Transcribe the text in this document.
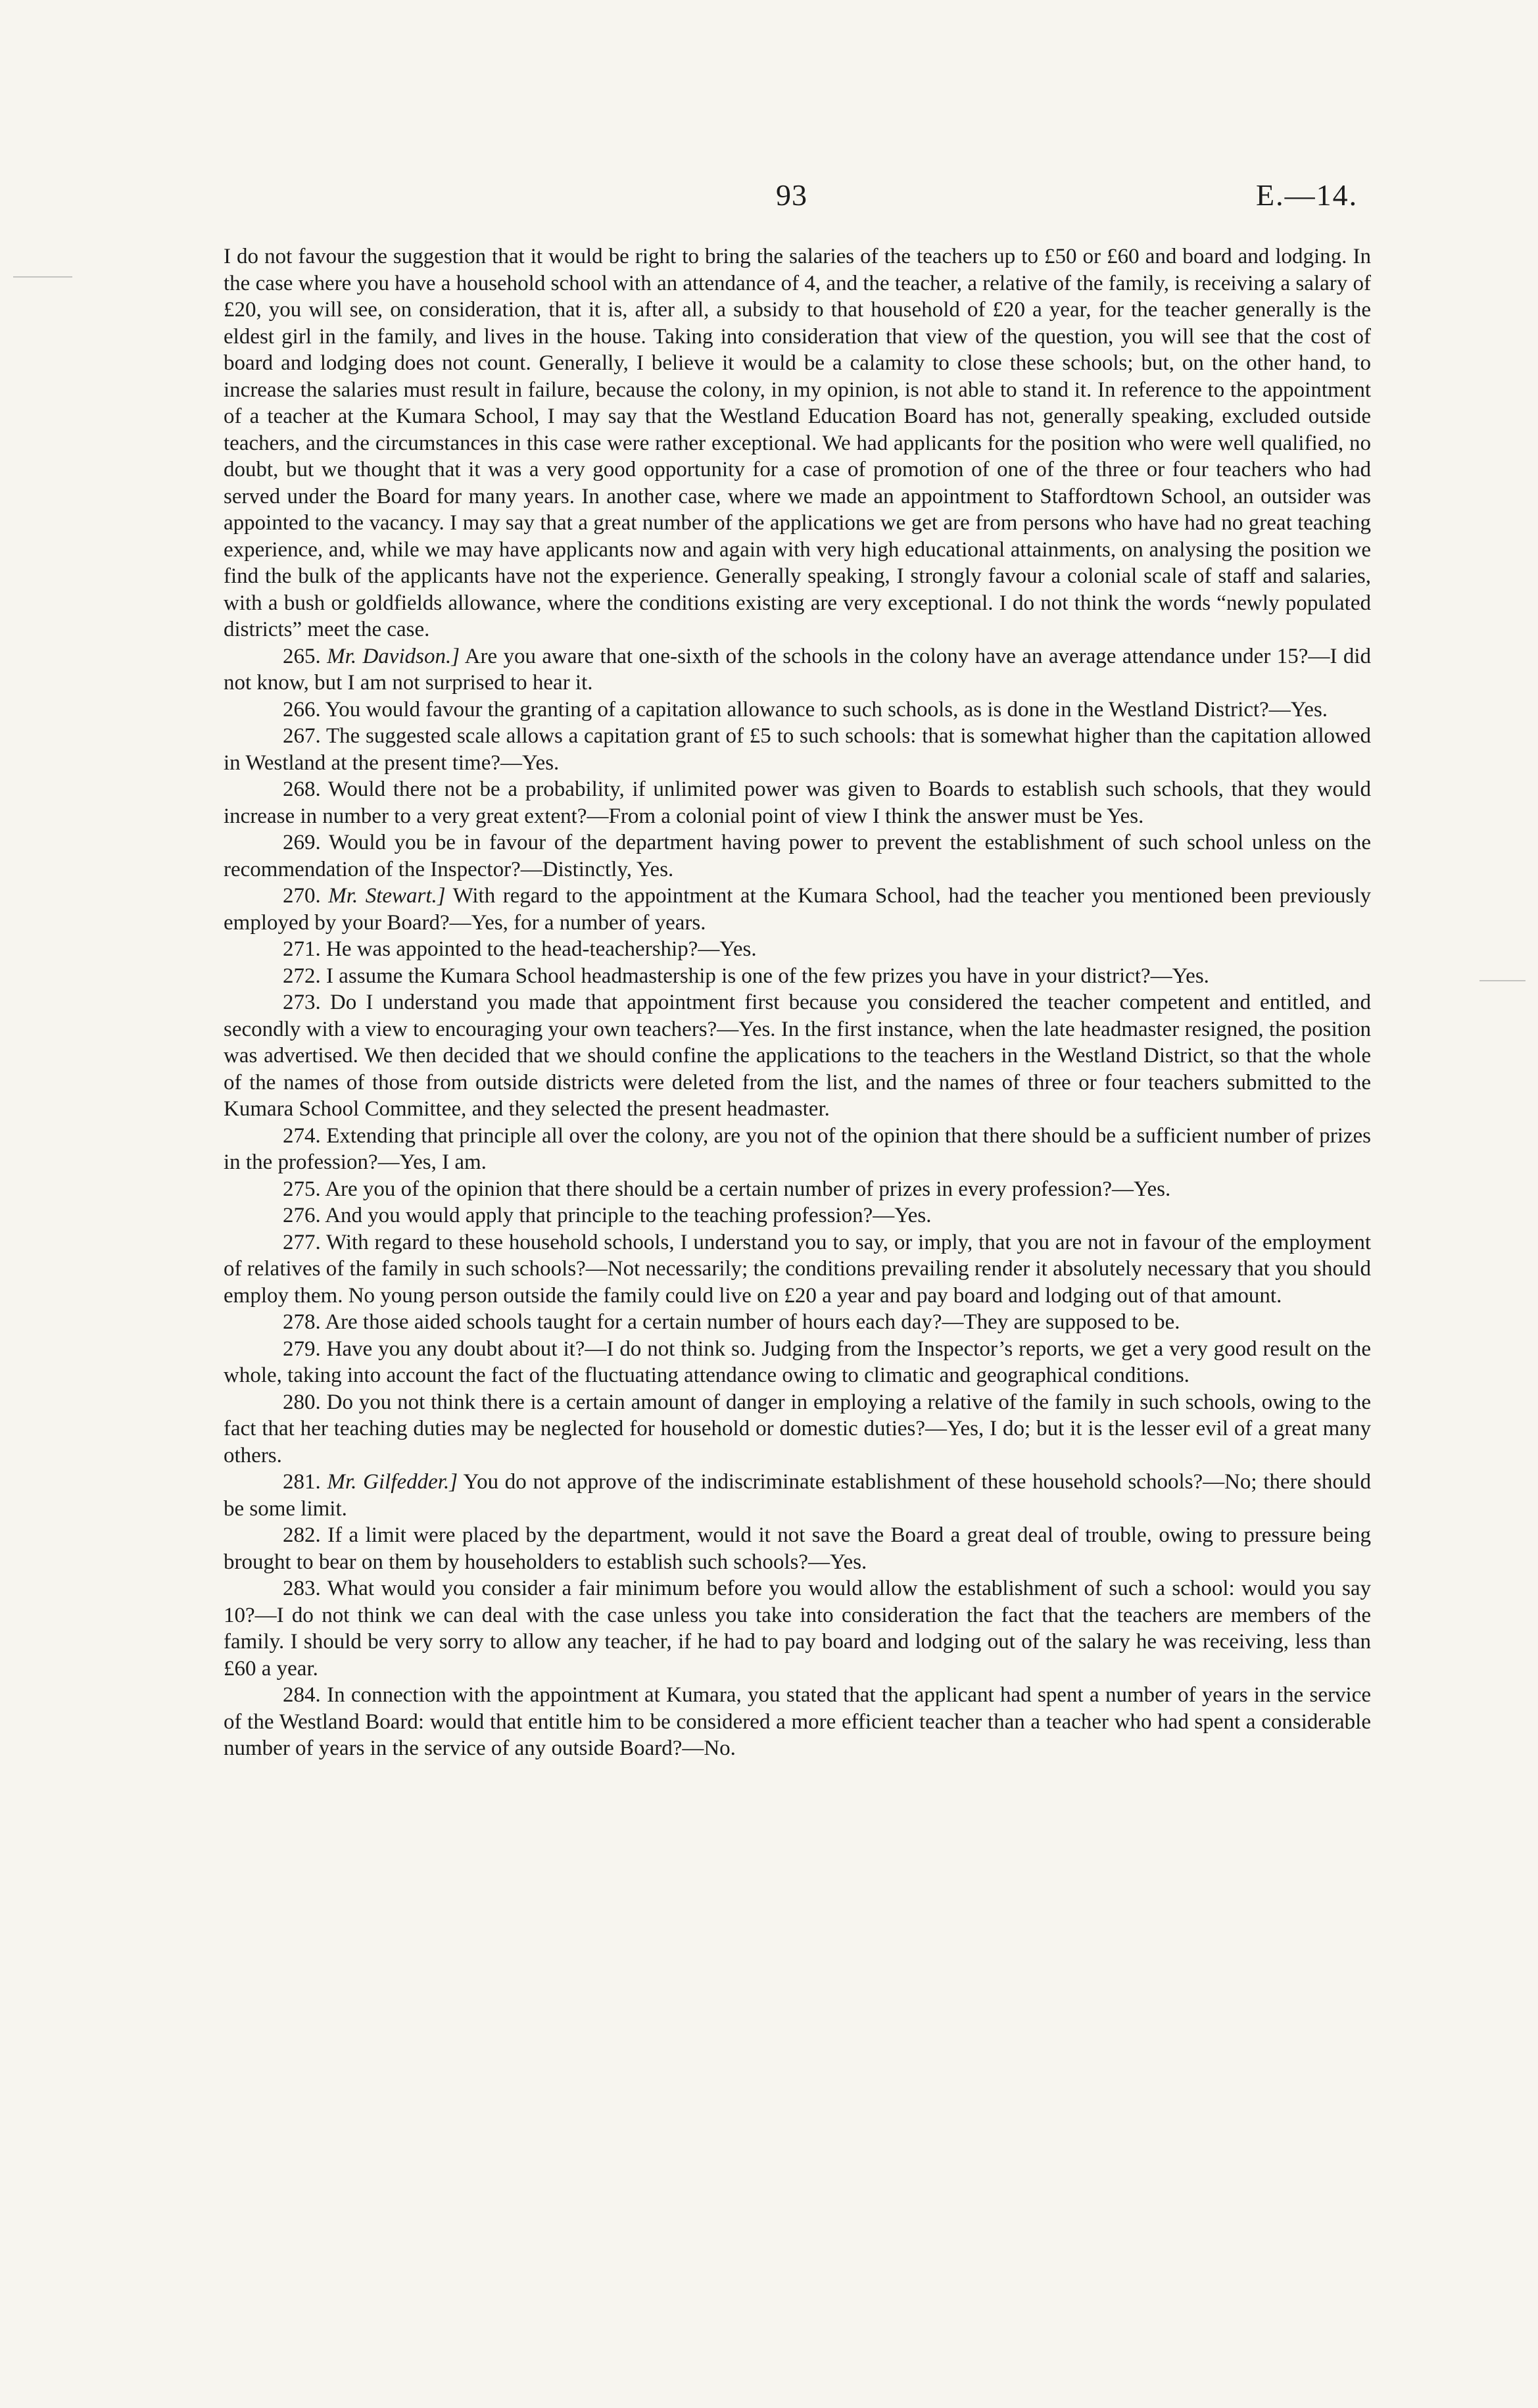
93	E.—14.

I do not favour the suggestion that it would be right to bring the salaries of the teachers up to £50 or £60 and board and lodging. In the case where you have a household school with an attendance of 4, and the teacher, a relative of the family, is receiving a salary of £20, you will see, on consideration, that it is, after all, a subsidy to that household of £20 a year, for the teacher generally is the eldest girl in the family, and lives in the house. Taking into consideration that view of the question, you will see that the cost of board and lodging does not count. Generally, I believe it would be a calamity to close these schools; but, on the other hand, to increase the salaries must result in failure, because the colony, in my opinion, is not able to stand it. In reference to the appointment of a teacher at the Kumara School, I may say that the Westland Education Board has not, generally speaking, excluded outside teachers, and the circumstances in this case were rather exceptional. We had applicants for the position who were well qualified, no doubt, but we thought that it was a very good opportunity for a case of promotion of one of the three or four teachers who had served under the Board for many years. In another case, where we made an appointment to Staffordtown School, an outsider was appointed to the vacancy. I may say that a great number of the applications we get are from persons who have had no great teaching experience, and, while we may have applicants now and again with very high educational attainments, on analysing the position we find the bulk of the applicants have not the experience. Generally speaking, I strongly favour a colonial scale of staff and salaries, with a bush or goldfields allowance, where the conditions existing are very exceptional. I do not think the words “newly populated districts” meet the case.

265. Mr. Davidson.] Are you aware that one-sixth of the schools in the colony have an average attendance under 15?—I did not know, but I am not surprised to hear it.

266. You would favour the granting of a capitation allowance to such schools, as is done in the Westland District?—Yes.

267. The suggested scale allows a capitation grant of £5 to such schools: that is somewhat higher than the capitation allowed in Westland at the present time?—Yes.

268. Would there not be a probability, if unlimited power was given to Boards to establish such schools, that they would increase in number to a very great extent?—From a colonial point of view I think the answer must be Yes.

269. Would you be in favour of the department having power to prevent the establishment of such school unless on the recommendation of the Inspector?—Distinctly, Yes.

270. Mr. Stewart.] With regard to the appointment at the Kumara School, had the teacher you mentioned been previously employed by your Board?—Yes, for a number of years.

271. He was appointed to the head-teachership?—Yes.

272. I assume the Kumara School headmastership is one of the few prizes you have in your district?—Yes.

273. Do I understand you made that appointment first because you considered the teacher competent and entitled, and secondly with a view to encouraging your own teachers?—Yes. In the first instance, when the late headmaster resigned, the position was advertised. We then decided that we should confine the applications to the teachers in the Westland District, so that the whole of the names of those from outside districts were deleted from the list, and the names of three or four teachers submitted to the Kumara School Committee, and they selected the present headmaster.

274. Extending that principle all over the colony, are you not of the opinion that there should be a sufficient number of prizes in the profession?—Yes, I am.

275. Are you of the opinion that there should be a certain number of prizes in every profession?—Yes.

276. And you would apply that principle to the teaching profession?—Yes.

277. With regard to these household schools, I understand you to say, or imply, that you are not in favour of the employment of relatives of the family in such schools?—Not necessarily; the conditions prevailing render it absolutely necessary that you should employ them. No young person outside the family could live on £20 a year and pay board and lodging out of that amount.

278. Are those aided schools taught for a certain number of hours each day?—They are supposed to be.

279. Have you any doubt about it?—I do not think so. Judging from the Inspector’s reports, we get a very good result on the whole, taking into account the fact of the fluctuating attendance owing to climatic and geographical conditions.

280. Do you not think there is a certain amount of danger in employing a relative of the family in such schools, owing to the fact that her teaching duties may be neglected for household or domestic duties?—Yes, I do; but it is the lesser evil of a great many others.

281. Mr. Gilfedder.] You do not approve of the indiscriminate establishment of these household schools?—No; there should be some limit.

282. If a limit were placed by the department, would it not save the Board a great deal of trouble, owing to pressure being brought to bear on them by householders to establish such schools?—Yes.

283. What would you consider a fair minimum before you would allow the establishment of such a school: would you say 10?—I do not think we can deal with the case unless you take into consideration the fact that the teachers are members of the family. I should be very sorry to allow any teacher, if he had to pay board and lodging out of the salary he was receiving, less than £60 a year.

284. In connection with the appointment at Kumara, you stated that the applicant had spent a number of years in the service of the Westland Board: would that entitle him to be considered a more efficient teacher than a teacher who had spent a considerable number of years in the service of any outside Board?—No.
